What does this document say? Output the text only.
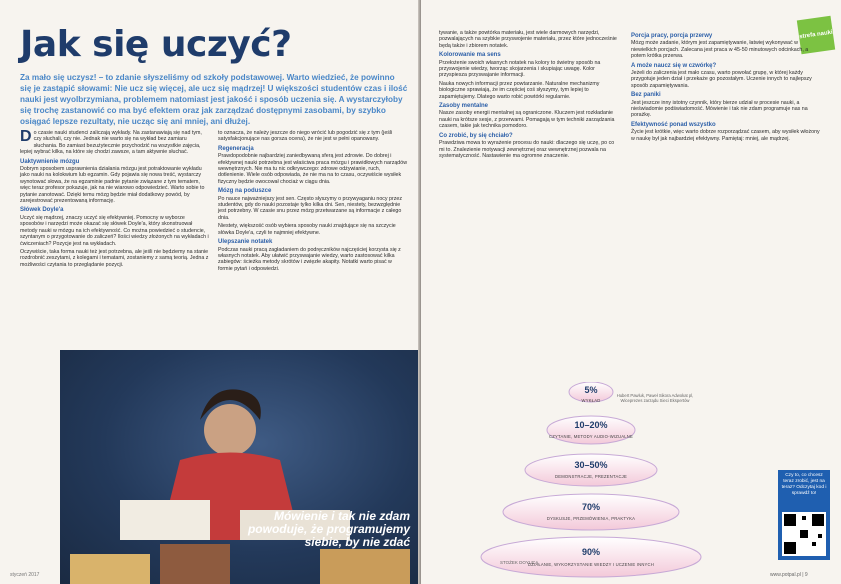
Jak się uczyć?
Za mało się uczysz! – to zdanie słyszeliśmy od szkoły podstawowej. Warto wiedzieć, że powinno się je zastąpić słowami: Nie ucz się więcej, ale ucz się mądrzej! U większości studentów czas i ilość nauki jest wyolbrzymiana, problemem natomiast jest jakość i sposób uczenia się. A wystarczyłoby się trochę zastanowić co ma być efektem oraz jak zarządzać dostępnymi zasobami, by szybko osiągać lepsze rezultaty, nie ucząc się ani mniej, ani dłużej.

Do czasie nauki studenci zaliczają wykłady. Na zastanawiają się nad tym, czy słuchali, czy nie. Jednak nie warto się na wykład bez zamiaru słuchania. Bo zamiast bezużytecznie przychodzić na wszystkie zajęcia, lepiej wybrać kilka, na które się chodzi zawsze, a tam aktywnie słuchać.

Uaktywnienie mózgu

Dobrym sposobem usprawnienia działania mózgu jest potraktowanie wykładu jako nauki na kolokwium lub egzamin. Gdy pojawia się nowa treść, wystarczy wynotować słowa, że na egzaminie padnie pytanie związane z tym tematem, więc teraz profesor pokazuje, jak na nie wiarowo odpowiedzieć. Warto sobie to pytanie zanotować. Dzięki temu mózg będzie miał dodatkowy powód, by zarejestrować prezentowaną informację.

Słówek Doyle'a

Uczyć się mądrzej, znaczy uczyć się efektywniej. Pomocny w wyborze sposobów i narzędzi może okazać się słówek Doyle'a, który skonstruował metody nauki w mózgu na ich efektywność. Co można powiedzieć o studencie, szyntanym o przygotowanie do zaliczeń? Ilości wiedzy złożonych na wykładach i ćwiczeniach? Pozycje jest na wykładach.

Oczywiście, taka forma nauki też jest potrzebna, ale jeśli nie będziemy na stanie rozdrobnić zeszytami, z kolegami i tematami, zostaniemy z samą teorią. Jedna z możliwości czytania to przeglądanie pozycji.

to oznacza, że należy jeszcze do niego wrócić lub pogodzić się z tym (jeśli satysfakcjonujące nas gorsza ocena), że nie jest w pełni opanowany.

Regeneracja

Prawdopodobnie najbardziej zaniedbywaną sferą jest zdrowie. Do dobrej i efektywnej nauki potrzebna jest właściwa praca mózgu i prawidłowych narządów wewnętrznych. Nie ma tu nic odkrywczego: zdrowe odżywianie, ruch, dotlenienie. Wiele osób odpowiada, że nie ma na to czasu, oczywiście wysiłek fizyczny będzie owocował chociaż w ciągu dnia.

Mózg na poduszce

Po nauce najważniejszy jest sen. Często słyszymy o przywyaganiu nocy przez studentów, gdy do nauki pozostaje tylko kilka dni. Sen, niestety, bezwzględnie jest potrzebny. W czasie snu przez mózg przetwarzane są informacje z całego dnia.

Niestety, większość osób wybiera sposoby nauki znajdujące się na szczycie słówka Doyle'a, czyli te najmniej efektywne.

Ulepszanie notatek

Podczas nauki pracą zagładaniem do podręczników najczęściej korzysta się z własnych notatek. Aby ułatwić przyswajanie wiedzy, warto zastosować kilka zabiegów: ścieżka metody skrótów i zwięzłe akapity. Notatki warto pisać w formie pytań i odpowiedzi.

Mówienie i tak nie zdam powoduje, że programujemy siebie, by nie zdać
styczeń 2017
strefa nauki

tywanie, a także powtórka materiału, jest wiele darmowych narzędzi, pozwalających na szybkie przyswojenie materiału, przez które jednocześnie będą także i zbiorem notatek.

Kolorowanie ma sens

Przełożenie swoich własnych notatek na kolory to świetny sposób na przyswojenie wiedzy, tworząc skojarzenia i skupiając uwagę. Kolor przyspiesza przyswajanie informacji.

Nauka nowych informacji przez powtarzanie. Naturalne mechanizmy biologiczne sprawiają, że im częściej coś słyszymy, tym lepiej to zapamiętujemy. Dlatego warto robić powtórki regularnie.

Zasoby mentalne

Nasze zasoby energii mentalnej są ograniczone. Kluczem jest rozkładanie nauki na krótsze sesje, z przerwami. Pomagają w tym techniki zarządzania czasem, takie jak technika pomodoro.

Co zrobić, by się chciało?

Prawdziwa mowa to wyrażenie procesu do nauki: dlaczego się uczę, po co mi to. Znalezienie motywacji zewnętrznej oraz wewnętrznej pozwala na systematyczność. Nastawienie ma ogromne znaczenie.

Porcja pracy, porcja przerwy

Mózg może zadanie, którym jest zapamiętywanie, łatwiej wykonywać w niewielkich porcjach. Zalecana jest praca w 45-50 minutowych odcinkach, a potem krótka przerwa.

A może naucz się w czwórkę?

Jeżeli do zaliczenia jest mało czasu, warto powołać grupę, w której każdy przygotuje jeden dział i przekaże go pozostałym. Uczenie innych to najlepszy sposób zapamiętywania.

Bez paniki

Jest jeszcze inny istotny czynnik, który bierze udział w procesie nauki, a nieświadomie podświadomość. Mówienie i tak nie zdam programuje nas na porażkę.

Efektywność ponad wszystko

Życie jest krótkie, więc warto dobrze rozporządzać czasem, aby wysiłek włożony w naukę był jak najbardziej efektywny. Pamiętaj: mniej, ale mądrzej.

5%
WYKŁAD
10–20%
CZYTANIE, METODY AUDIO-WIZUALNE
30–50%
DEMONSTRACJE, PREZENTACJE
70%
DYSKUSJE, PRZEMÓWIENIA, PRAKTYKA
90%
DZIAŁANIE, WYKORZYSTANIE WIEDZY I UCZENIE INNYCH
Hubert Pawluk, Paweł Sikora Adwokat pl, Wiceprezes zarządu Sieci Ekspertów
STOŻEK DOYLE'A
Czy to, co chcesz teraz zrobić, jest na teraz? Odczytaj kod i sprawdź to!
www.potpal.pl | 9
